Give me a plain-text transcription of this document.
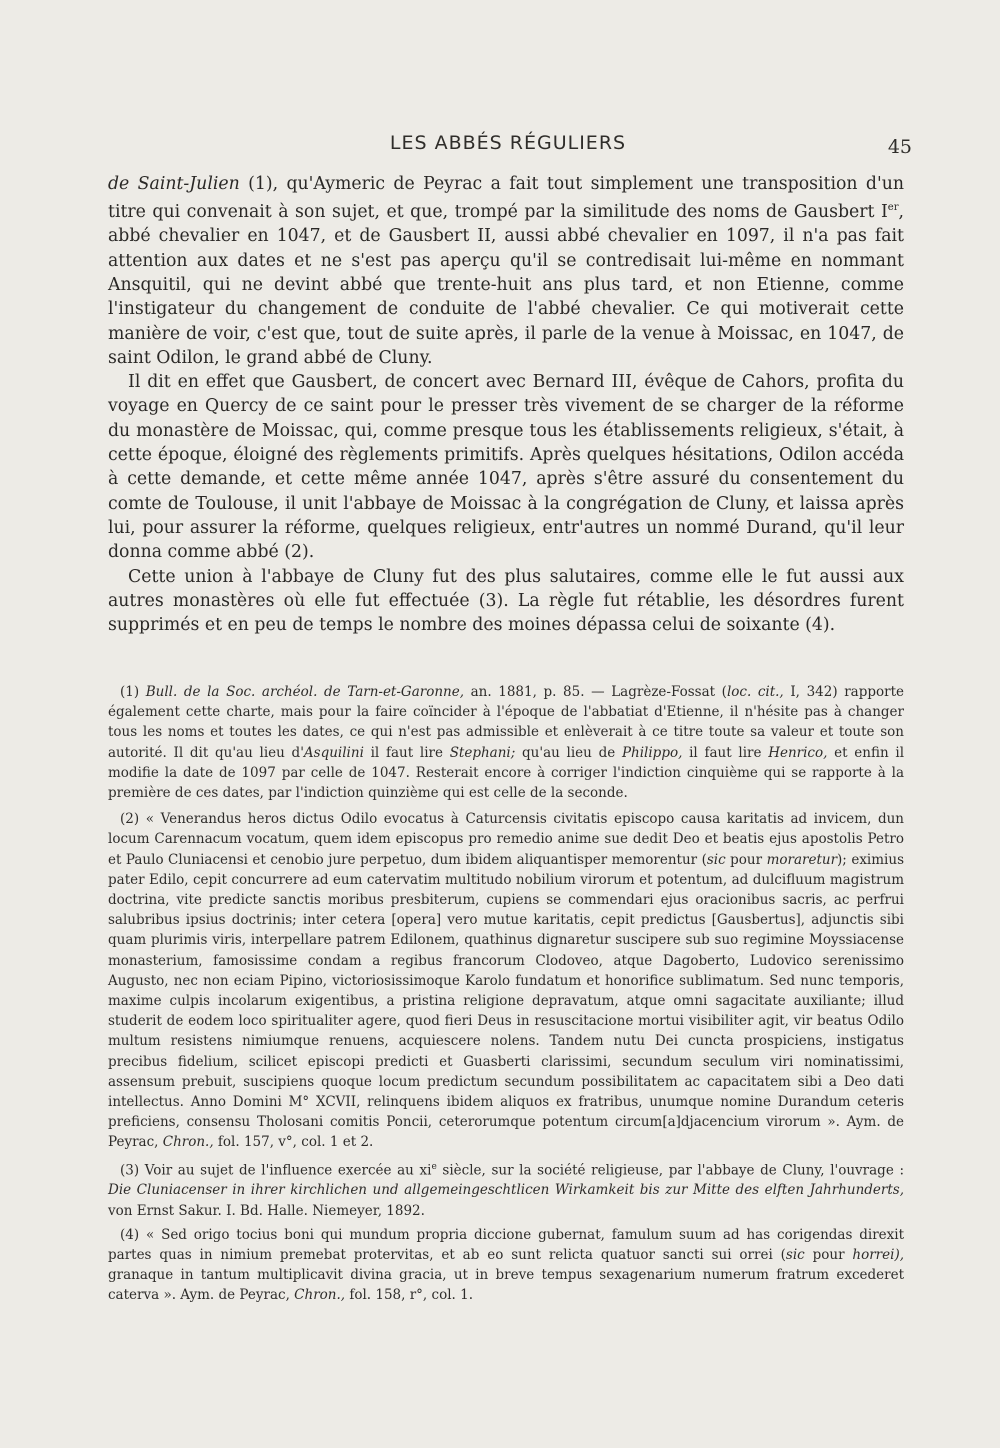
LES ABBÉS RÉGULIERS	45

de Saint-Julien (1), qu'Aymeric de Peyrac a fait tout simplement une transposition d'un titre qui convenait à son sujet, et que, trompé par la similitude des noms de Gausbert Ier, abbé chevalier en 1047, et de Gausbert II, aussi abbé chevalier en 1097, il n'a pas fait attention aux dates et ne s'est pas aperçu qu'il se contredisait lui-même en nommant Ansquitil, qui ne devint abbé que trente-huit ans plus tard, et non Etienne, comme l'instigateur du changement de conduite de l'abbé chevalier. Ce qui motiverait cette manière de voir, c'est que, tout de suite après, il parle de la venue à Moissac, en 1047, de saint Odilon, le grand abbé de Cluny.

Il dit en effet que Gausbert, de concert avec Bernard III, évêque de Cahors, profita du voyage en Quercy de ce saint pour le presser très vivement de se charger de la réforme du monastère de Moissac, qui, comme presque tous les établissements religieux, s'était, à cette époque, éloigné des règlements primitifs. Après quelques hésitations, Odilon accéda à cette demande, et cette même année 1047, après s'être assuré du consentement du comte de Toulouse, il unit l'abbaye de Moissac à la congrégation de Cluny, et laissa après lui, pour assurer la réforme, quelques religieux, entr'autres un nommé Durand, qu'il leur donna comme abbé (2).

Cette union à l'abbaye de Cluny fut des plus salutaires, comme elle le fut aussi aux autres monastères où elle fut effectuée (3). La règle fut rétablie, les désordres furent supprimés et en peu de temps le nombre des moines dépassa celui de soixante (4).

(1) Bull. de la Soc. archéol. de Tarn-et-Garonne, an. 1881, p. 85. — Lagrèze-Fossat (loc. cit., I, 342) rapporte également cette charte, mais pour la faire coïncider à l'époque de l'abbatiat d'Etienne, il n'hésite pas à changer tous les noms et toutes les dates, ce qui n'est pas admissible et enlèverait à ce titre toute sa valeur et toute son autorité. Il dit qu'au lieu d'Asquilini il faut lire Stephani; qu'au lieu de Philippo, il faut lire Henrico, et enfin il modifie la date de 1097 par celle de 1047. Resterait encore à corriger l'indiction cinquième qui se rapporte à la première de ces dates, par l'indiction quinzième qui est celle de la seconde.

(2) « Venerandus heros dictus Odilo evocatus à Caturcensis civitatis episcopo causa karitatis ad invicem, dun locum Carennacum vocatum, quem idem episcopus pro remedio anime sue dedit Deo et beatis ejus apostolis Petro et Paulo Cluniacensi et cenobio jure perpetuo, dum ibidem aliquantisper memorentur (sic pour moraretur); eximius pater Edilo, cepit concurrere ad eum catervatim multitudo nobilium virorum et potentum, ad dulcifluum magistrum doctrina, vite predicte sanctis moribus presbiterum, cupiens se commendari ejus oracionibus sacris, ac perfrui salubribus ipsius doctrinis; inter cetera [opera] vero mutue karitatis, cepit predictus [Gausbertus], adjunctis sibi quam plurimis viris, interpellare patrem Edilonem, quathinus dignaretur suscipere sub suo regimine Moyssiacense monasterium, famosissime condam a regibus francorum Clodoveo, atque Dagoberto, Ludovico serenissimo Augusto, nec non eciam Pipino, victoriosissimoque Karolo fundatum et honorifice sublimatum. Sed nunc temporis, maxime culpis incolarum exigentibus, a pristina religione depravatum, atque omni sagacitate auxiliante; illud studerit de eodem loco spiritualiter agere, quod fieri Deus in resuscitacione mortui visibiliter agit, vir beatus Odilo multum resistens nimiumque renuens, acquiescere nolens. Tandem nutu Dei cuncta prospiciens, instigatus precibus fidelium, scilicet episcopi predicti et Guasberti clarissimi, secundum seculum viri nominatissimi, assensum prebuit, suscipiens quoque locum predictum secundum possibilitatem ac capacitatem sibi a Deo dati intellectus. Anno Domini M° XCVII, relinquens ibidem aliquos ex fratribus, unumque nomine Durandum ceteris preficiens, consensu Tholosani comitis Poncii, ceterorumque potentum circum[a]djacencium virorum ». Aym. de Peyrac, Chron., fol. 157, v°, col. 1 et 2.

(3) Voir au sujet de l'influence exercée au $xi^e$ siècle, sur la société religieuse, par l'abbaye de Cluny, l'ouvrage : Die Cluniacenser in ihrer kirchlichen und allgemeingeschtlicen Wirkamkeit bis zur Mitte des elften Jahrhunderts, von Ernst Sakur. I. Bd. Halle. Niemeyer, 1892.

(4) « Sed origo tocius boni qui mundum propria diccione gubernat, famulum suum ad has corigendas direxit partes quas in nimium premebat protervitas, et ab eo sunt relicta quatuor sancti sui orrei (sic pour horrei), granaque in tantum multiplicavit divina gracia, ut in breve tempus sexagenarium numerum fratrum excederet caterva ». Aym. de Peyrac, Chron., fol. 158, r°, col. 1.
